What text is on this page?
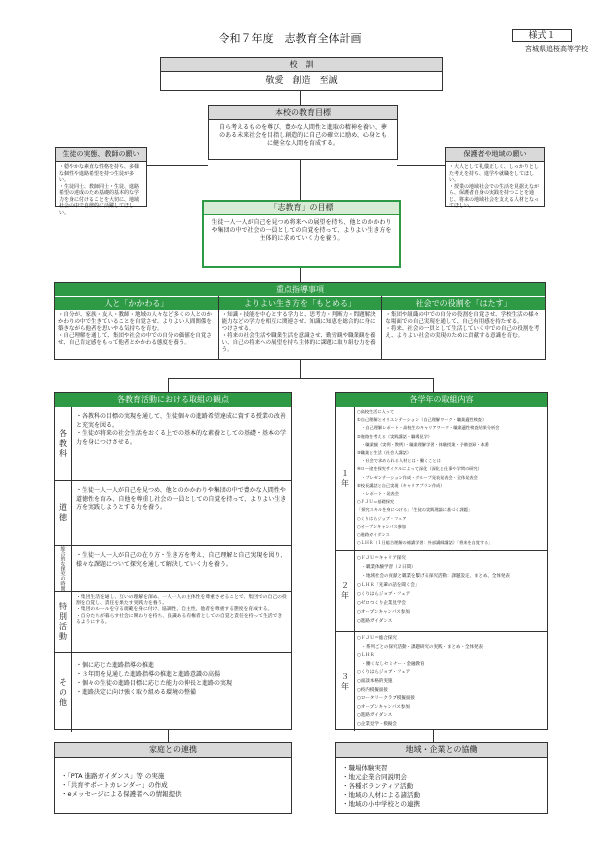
令和７年度　志教育全体計画	様式１
宮城県追桜高等学校
校　訓
敬愛　創造　至誠
本校の教育目標
自ら考えるものを尊び、豊かな人間性と進取の精神を養い、夢のある未来社会を目指し創造的に自己の確立に励め、心身ともに健全な人間を育成する。
生徒の実態、教師の願い
・穏やかな素直な性格を持ち、多様な個性や進路希望を持つ生徒が多い。
・生徒同士、教師同士・生徒、進路希望の達成のため基礎的基本的な学力を身に付けることを大切に、地域社会の中で自律的に活躍してほしい。
保護者や地域の願い
・大人として礼儀正しく、しっかりとした考えを持ち、進学や就職をしてほしい。
・授業の地域社会での生活を見据えながら、保護者自身の実践を持つことを通じ、将来の地域社会を支える人材となってほしい。
「志教育」の目標
生徒一人一人が自己を見つめ将来への展望を持ち、他とのかかわりや集団の中で社会の一員としての自覚を持って、よりよい生き方を主体的に求めていく力を養う。
重点指導事項
人と「かかわる」
・自分が、家族・友人・教師・地域の人々など多くの人とのかかわりの中で生きていることを自覚させ、よりよい人間関係を築きながら他者を思いやる気持ちを育む。
・自己理解を通して、集団や社会の中での自分の価値を自覚させ、自己肯定感をもって他者とかかわる態度を養う。
よりよい生き方を「もとめる」
・知識・技能を中心とする学力と、思考力・判断力・問題解決能力などの学力を相互に関連させ、知識に知恵を総合的に身につけさせる。
・将来の社会生活や職業生活を意識させ、勤労観や職業観を養い、自己の将来への展望を持ち主体的に課題に取り組む力を養う。
社会での役割を「はたす」
・集団や組織の中での自分の役割を自覚させ、学校生活の様々な場面での自己実現を通して、自己有用感を持たせる。
・将来、社会の一員として生活していく中での自己の役割を考え、よりよい社会の実現のために貢献する意識を育む。
各教育活動における取組の観点
各教科
・各教科の目標の実現を通して、生徒個々の進路希望達成に資する授業の改善と充実を図る。
・生徒が将来の社会生活をおくる上での基本的な素養としての基礎・基本の学力を身につけさせる。
道徳
・生徒一人一人が自己を見つめ、他とのかかわりや集団の中で豊かな人間性や道徳性を育み、自他を尊重し社会の一員としての自覚を持って、よりよい生き方を実践しようとする力を養う。
総合的な探究の時間 ・生徒一人一人が自己の在り方・生き方を考え、自己理解と自己実現を図り、様々な課題について探究を通して解決していく力を養う。
特別活動
・集団生活を通し、互いの理解を深め、一人一人の主体性を尊重させることで、集団での自己の役割を自覚し、責任を果たす実践力を養う。
・集団のルールを守る規範を身に付け、協調性、自主性、他者を尊重する態度を育成する。
・自分たちが暮らす社会に関わりを持ち、良識ある有権者としての自覚と責任を持って生活できるようにする。
その他
・個に応じた進路指導の推進
・３年間を見通した進路指導の推進と進路意識の高揚
・個々の生徒の進路目標に応じた能力の伸長と進路の実現
・進路決定に向け強く取り組める環境の整備
各学年の取組内容
１年
○高校生活に入って
①自己理解とオリエンテーション（自己理解ワーク・職業適性検査）
　・自己理解レポート・高校生のキャリアワーク・職業適性検査結果分析会
②進路を考える（実践講話・職場見学）
　・職業観（実例・教例）・職業理解学習・体験授業・予備登録・本番
③職業と生活（社会人講話）
　・社会で求められる人材とは・働くことは
④ロー途を探究サイクルによって深化（深化と仕事や学問の研究）
　・プレゼンテーション作成・グループ発表発表会・全体発表会
⑤校長講話と自己実現（キャリアプラン作成）
　・レポート・発表会
○ＦＪＵ＝基礎探究
「探究スキルを身につける」「生徒の実践理論に基づく課題」
○くりはらジョブ・フェア
○オープンキャンパス参加
○進路ガイダンス
○ＬＨＲ（１日総合理解の補講学習：外部講師講話）「将来を自覚する」
２年
○ＦＪＵ＝キャリア探究
　・職業体験学習（２日間）
　・地域社会の貢献と職業を繋げる探究活動：課題設定、まとめ、全体発表
○ＬＨＲ「先輩の話を聞く会」
○くりはらジョブ・フェア
○ゼロつくり企業見学会
○オープンキャンパス参加
○進路ガイダンス
３年
○ＦＪＵ＝総合探究
　・系列ごとの探究活動・課題研究の実践・まとめ・全体発表
○ＬＨＲ
　・働くなしセミナー・金融教育
○くりはらジョブ・フェア
○面談本格的実施
○校内模擬面接
○ロータリークラブ模擬面接
○オープンキャンパス参加
○進路ガイダンス
○企業見学・模擬会
家庭との連携
・「PTA 進路ガイダンス」等 の実施
・「共育サポートカレンダー」の作成
・eメッセージによる保護者への情報提供
地域・企業との協働
・職場体験実習
・地元企業合同説明会
・各種ボランティア活動
・地域の人材による諸活動
・地域の小中学校との連携
